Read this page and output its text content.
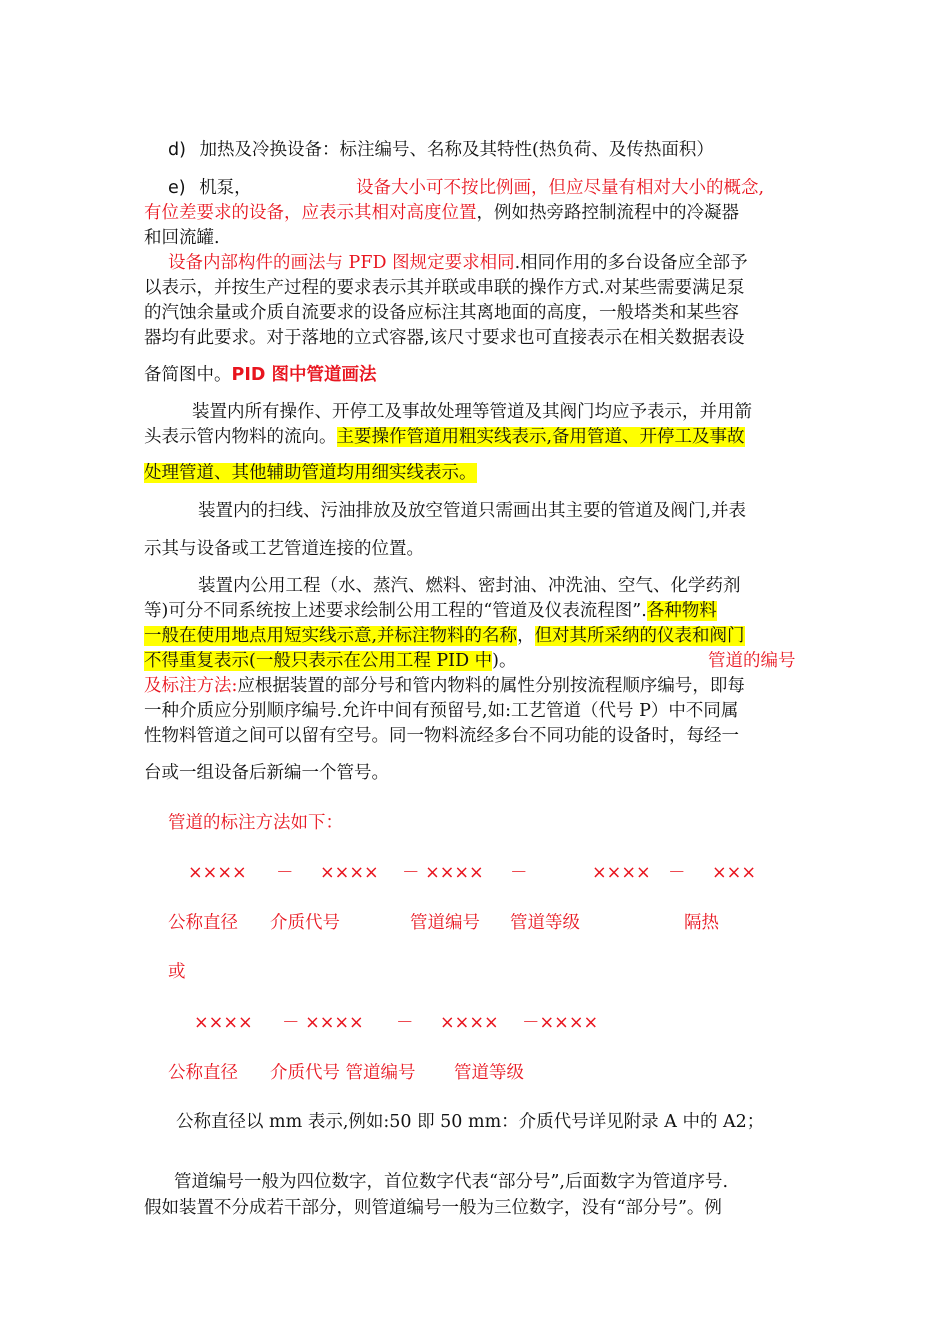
d) 加热及冷换设备：标注编号、名称及其特性(热负荷、及传热面积）
e) 机泵，	设备大小可不按比例画，但应尽量有相对大小的概念,
有位差要求的设备，应表示其相对高度位置，例如热旁路控制流程中的冷凝器
和回流罐.
设备内部构件的画法与 PFD 图规定要求相同.相同作用的多台设备应全部予
以表示，并按生产过程的要求表示其并联或串联的操作方式.对某些需要满足泵
的汽蚀余量或介质自流要求的设备应标注其离地面的高度，一般塔类和某些容
器均有此要求。对于落地的立式容器,该尺寸要求也可直接表示在相关数据表设
备简图中。PID 图中管道画法
装置内所有操作、开停工及事故处理等管道及其阀门均应予表示，并用箭
头表示管内物料的流向。主要操作管道用粗实线表示,备用管道、开停工及事故
处理管道、其他辅助管道均用细实线表示。
装置内的扫线、污油排放及放空管道只需画出其主要的管道及阀门,并表
示其与设备或工艺管道连接的位置。
装置内公用工程（水、蒸汽、燃料、密封油、冲洗油、空气、化学药剂
等)可分不同系统按上述要求绘制公用工程的“管道及仪表流程图”.各种物料
一般在使用地点用短实线示意,并标注物料的名称，但对其所采纳的仪表和阀门
不得重复表示(一般只表示在公用工程 PID 中)。	管道的编号
及标注方法:应根据装置的部分号和管内物料的属性分别按流程顺序编号，即每
一种介质应分别顺序编号.允许中间有预留号,如:工艺管道（代号 P）中不同属
性物料管道之间可以留有空号。同一物料流经多台不同功能的设备时，每经一
台或一组设备后新编一个管号。
管道的标注方法如下：
×××× － ×××× － ×××× －	×××× － ×××
公称直径 介质代号	管道编号 管道等级	隔热
或
×××× － ×××× － ×××× －××××
公称直径 介质代号 管道编号 管道等级
公称直径以 mm 表示,例如:50 即 50 mm：介质代号详见附录 A 中的 A2；
管道编号一般为四位数字，首位数字代表“部分号”,后面数字为管道序号.
假如装置不分成若干部分，则管道编号一般为三位数字，没有“部分号”。例
